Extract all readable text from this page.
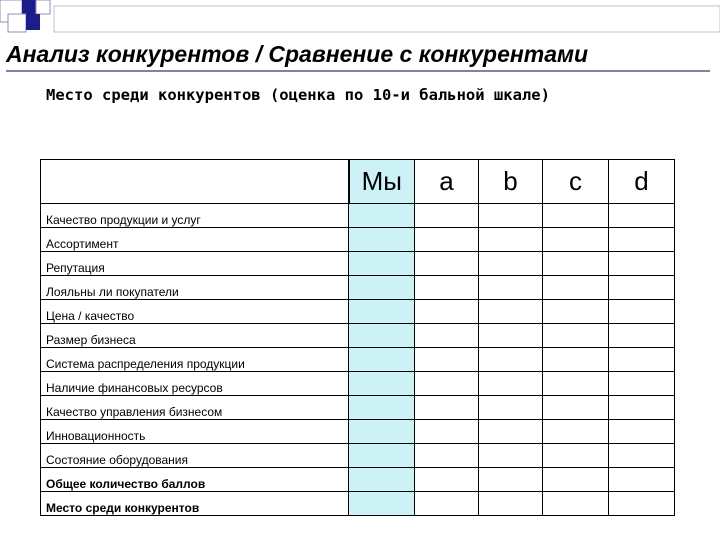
Анализ конкурентов / Сравнение с конкурентами
Место среди конкурентов (оценка по 10-и бальной шкале)
	Мы	a	b	c	d
Качество продукции и услуг					
Ассортимент					
Репутация					
Лояльны ли покупатели					
Цена / качество					
Размер бизнеса					
Система распределения продукции					
Наличие финансовых ресурсов					
Качество управления бизнесом					
Инновационность					
Состояние оборудования					
Общее количество баллов					
Место среди конкурентов					
